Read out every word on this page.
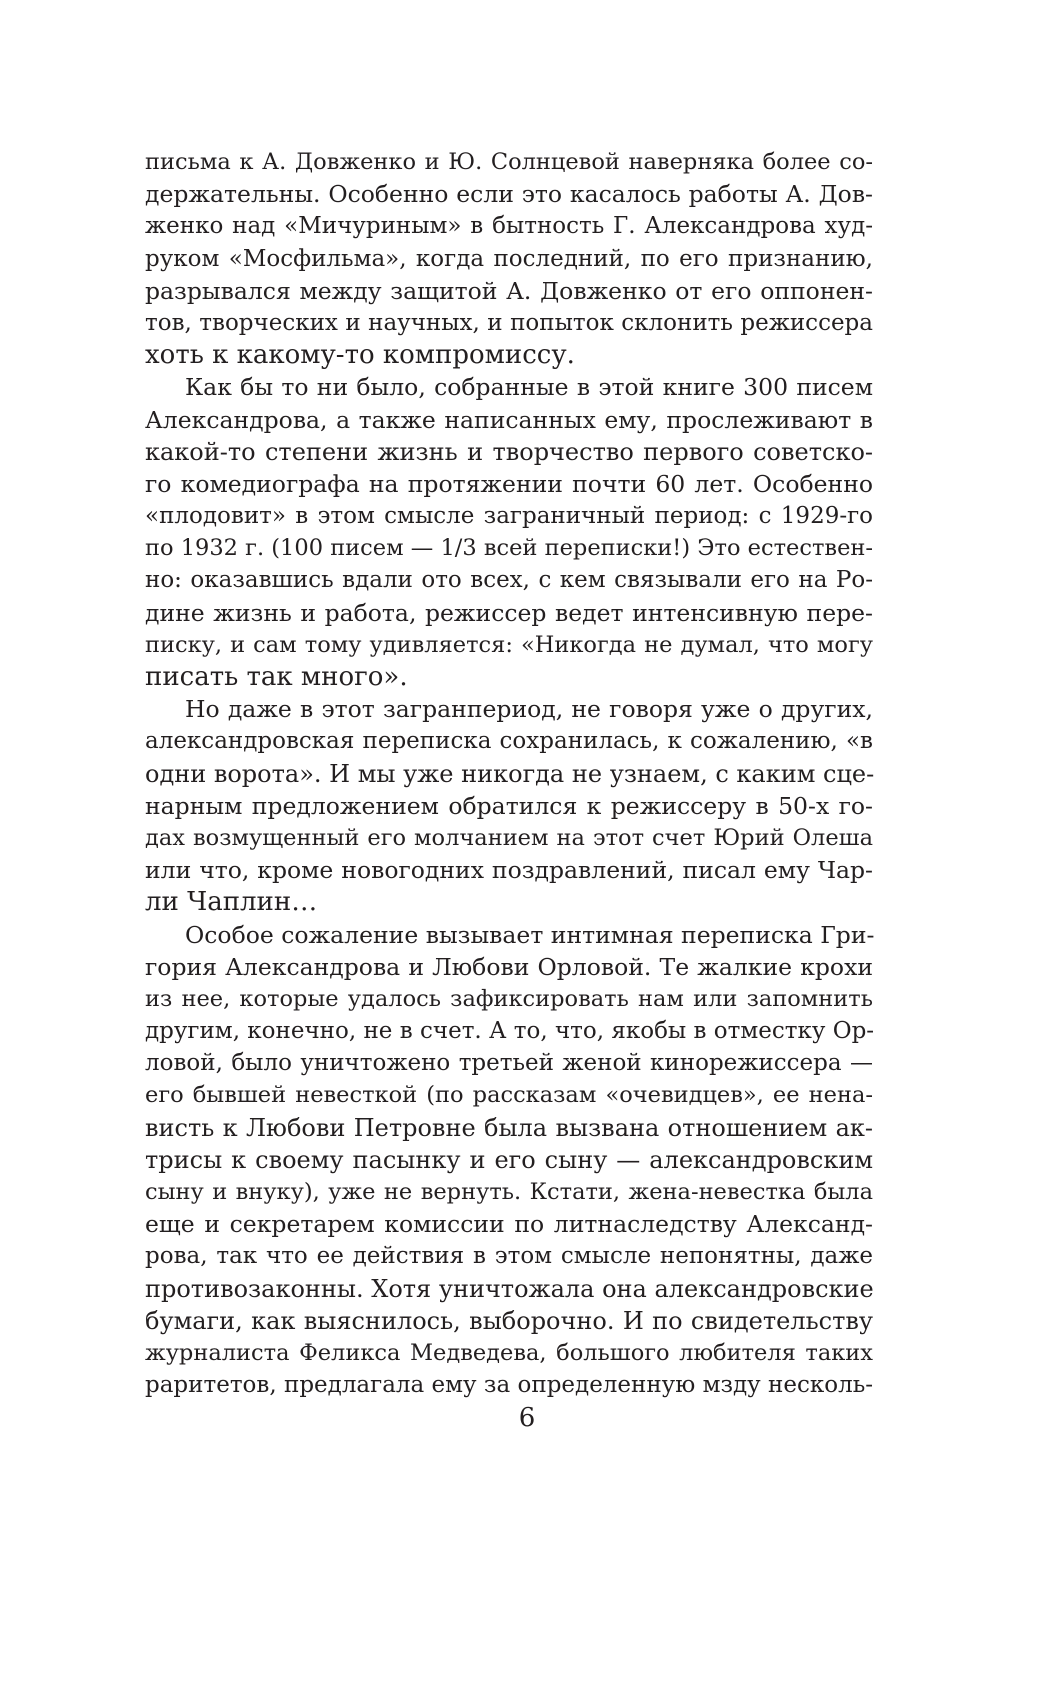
письма к А. Довженко и Ю. Солнцевой наверняка более со-
держательны. Особенно если это касалось работы А. Дов-
женко над «Мичуриным» в бытность Г. Александрова худ-
руком «Мосфильма», когда последний, по его признанию,
разрывался между защитой А. Довженко от его оппонен-
тов, творческих и научных, и попыток склонить режиссера
хоть к какому-то компромиссу.
Как бы то ни было, собранные в этой книге 300 писем
Александрова, а также написанных ему, прослеживают в
какой-то степени жизнь и творчество первого советско-
го комедиографа на протяжении почти 60 лет. Особенно
«плодовит» в этом смысле заграничный период: с 1929-го
по 1932 г. (100 писем — 1/3 всей переписки!) Это естествен-
но: оказавшись вдали ото всех, с кем связывали его на Ро-
дине жизнь и работа, режиссер ведет интенсивную пере-
писку, и сам тому удивляется: «Никогда не думал, что могу
писать так много».
Но даже в этот загранпериод, не говоря уже о других,
александровская переписка сохранилась, к сожалению, «в
одни ворота». И мы уже никогда не узнаем, с каким сце-
нарным предложением обратился к режиссеру в 50-х го-
дах возмущенный его молчанием на этот счет Юрий Олеша
или что, кроме новогодних поздравлений, писал ему Чар-
ли Чаплин…
Особое сожаление вызывает интимная переписка Гри-
гория Александрова и Любови Орловой. Те жалкие крохи
из нее, которые удалось зафиксировать нам или запомнить
другим, конечно, не в счет. А то, что, якобы в отместку Ор-
ловой, было уничтожено третьей женой кинорежиссера —
его бывшей невесткой (по рассказам «очевидцев», ее нена-
висть к Любови Петровне была вызвана отношением ак-
трисы к своему пасынку и его сыну — александровским
сыну и внуку), уже не вернуть. Кстати, жена-невестка была
еще и секретарем комиссии по литнаследству Александ-
рова, так что ее действия в этом смысле непонятны, даже
противозаконны. Хотя уничтожала она александровские
бумаги, как выяснилось, выборочно. И по свидетельству
журналиста Феликса Медведева, большого любителя таких
раритетов, предлагала ему за определенную мзду несколь-
6
